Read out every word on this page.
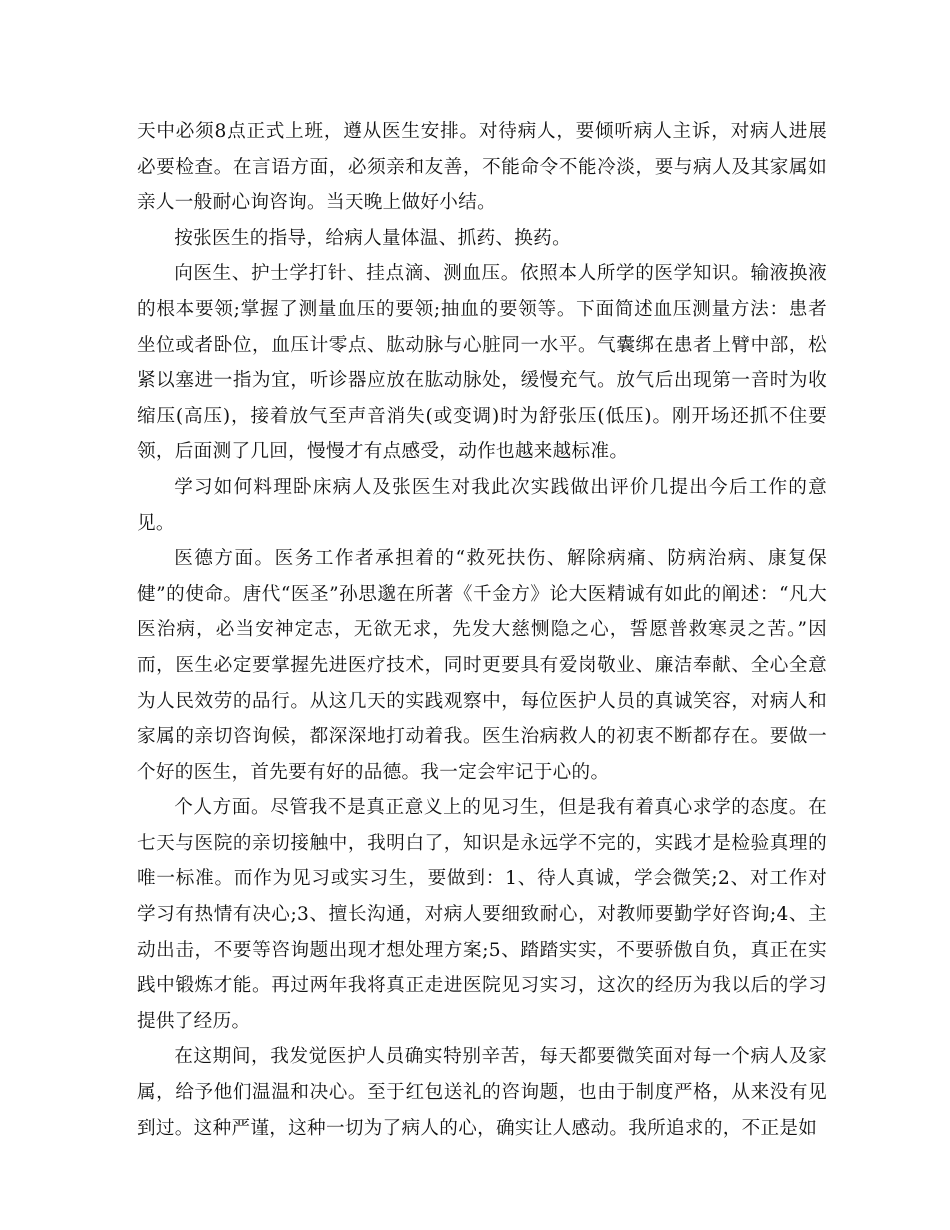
天中必须8点正式上班，遵从医生安排。对待病人，要倾听病人主诉，对病人进展必要检查。在言语方面，必须亲和友善，不能命令不能冷淡，要与病人及其家属如亲人一般耐心询咨询。当天晚上做好小结。

按张医生的指导，给病人量体温、抓药、换药。

向医生、护士学打针、挂点滴、测血压。依照本人所学的医学知识。输液换液的根本要领;掌握了测量血压的要领;抽血的要领等。下面简述血压测量方法：患者坐位或者卧位，血压计零点、肱动脉与心脏同一水平。气囊绑在患者上臂中部，松紧以塞进一指为宜，听诊器应放在肱动脉处，缓慢充气。放气后出现第一音时为收缩压(高压)，接着放气至声音消失(或变调)时为舒张压(低压)。刚开场还抓不住要领，后面测了几回，慢慢才有点感受，动作也越来越标准。

学习如何料理卧床病人及张医生对我此次实践做出评价几提出今后工作的意见。

医德方面。医务工作者承担着的“救死扶伤、解除病痛、防病治病、康复保健”的使命。唐代“医圣”孙思邈在所著《千金方》论大医精诚有如此的阐述：“凡大医治病，必当安神定志，无欲无求，先发大慈恻隐之心，誓愿普救寒灵之苦。”因而，医生必定要掌握先进医疗技术，同时更要具有爱岗敬业、廉洁奉献、全心全意为人民效劳的品行。从这几天的实践观察中，每位医护人员的真诚笑容，对病人和家属的亲切咨询候，都深深地打动着我。医生治病救人的初衷不断都存在。要做一个好的医生，首先要有好的品德。我一定会牢记于心的。

个人方面。尽管我不是真正意义上的见习生，但是我有着真心求学的态度。在七天与医院的亲切接触中，我明白了，知识是永远学不完的，实践才是检验真理的唯一标准。而作为见习或实习生，要做到：1、待人真诚，学会微笑;2、对工作对学习有热情有决心;3、擅长沟通，对病人要细致耐心，对教师要勤学好咨询;4、主动出击，不要等咨询题出现才想处理方案;5、踏踏实实，不要骄傲自负，真正在实践中锻炼才能。再过两年我将真正走进医院见习实习，这次的经历为我以后的学习提供了经历。

在这期间，我发觉医护人员确实特别辛苦，每天都要微笑面对每一个病人及家属，给予他们温温和决心。至于红包送礼的咨询题，也由于制度严格，从来没有见到过。这种严谨，这种一切为了病人的心，确实让人感动。我所追求的，不正是如
